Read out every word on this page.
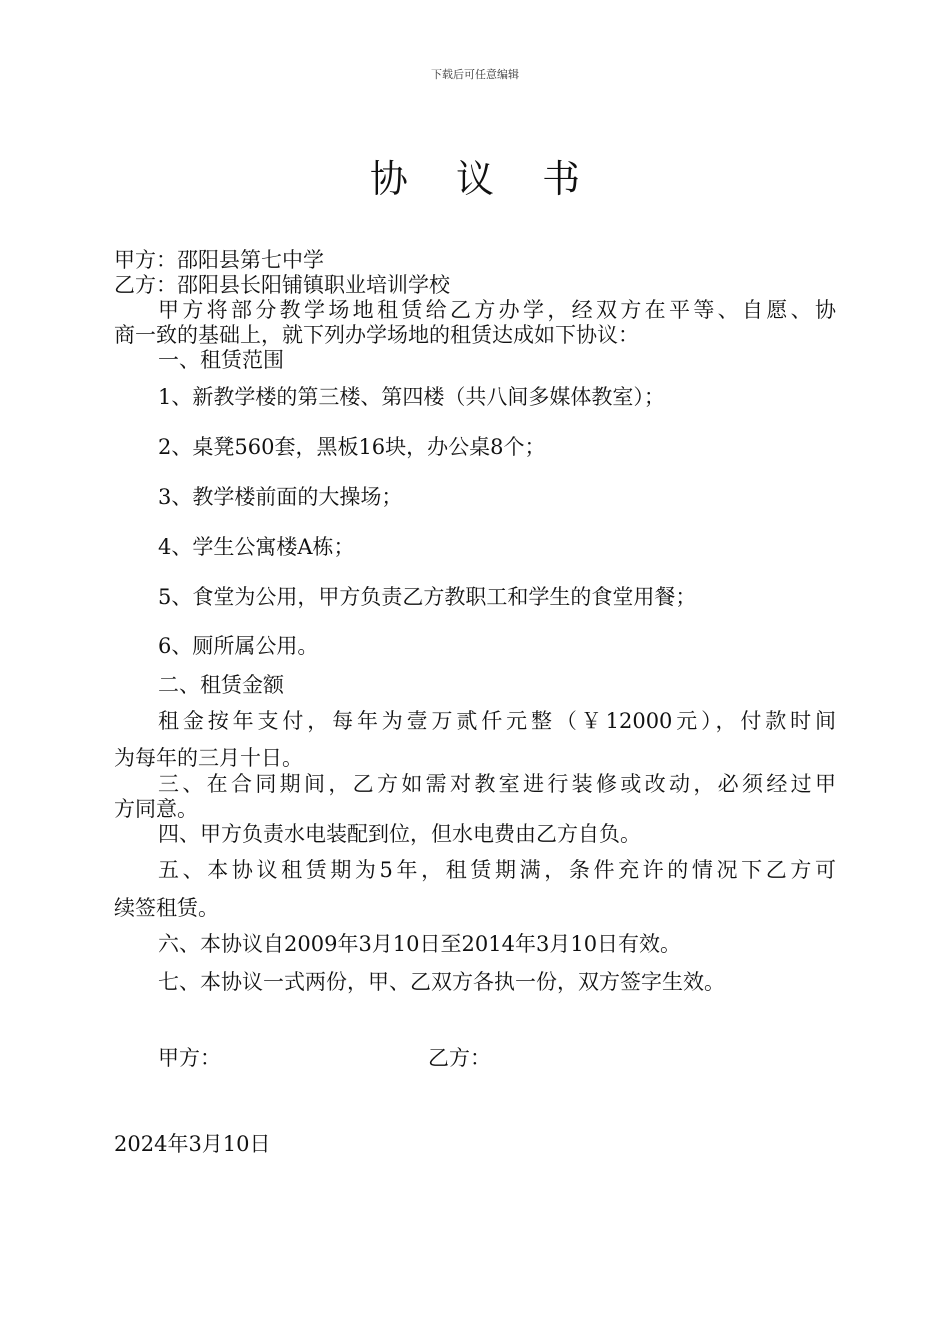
下载后可任意编辑
协 议 书
甲方：邵阳县第七中学
乙方：邵阳县长阳铺镇职业培训学校
甲方将部分教学场地租赁给乙方办学，经双方在平等、自愿、协
商一致的基础上，就下列办学场地的租赁达成如下协议：
一、租赁范围
1、新教学楼的第三楼、第四楼（共八间多媒体教室）；
2、桌凳560套，黑板16块，办公桌8个；
3、教学楼前面的大操场；
4、学生公寓楼A栋；
5、食堂为公用，甲方负责乙方教职工和学生的食堂用餐；
6、厕所属公用。
二、租赁金额
租金按年支付，每年为壹万贰仟元整（￥12000元），付款时间
为每年的三月十日。
三、在合同期间，乙方如需对教室进行装修或改动，必须经过甲
方同意。
四、甲方负责水电装配到位，但水电费由乙方自负。
五、本协议租赁期为5年，租赁期满，条件充许的情况下乙方可
续签租赁。
六、本协议自2009年3月10日至2014年3月10日有效。
七、本协议一式两份，甲、乙双方各执一份，双方签字生效。
甲方：	乙方：
2024年3月10日
